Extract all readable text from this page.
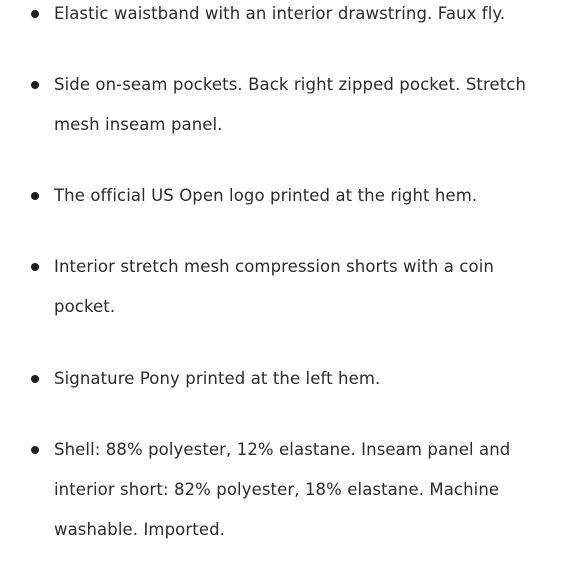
Elastic waistband with an interior drawstring. Faux fly.
Side on-seam pockets. Back right zipped pocket. Stretch mesh inseam panel.
The official US Open logo printed at the right hem.
Interior stretch mesh compression shorts with a coin pocket.
Signature Pony printed at the left hem.
Shell: 88% polyester, 12% elastane. Inseam panel and interior short: 82% polyester, 18% elastane. Machine washable. Imported.
